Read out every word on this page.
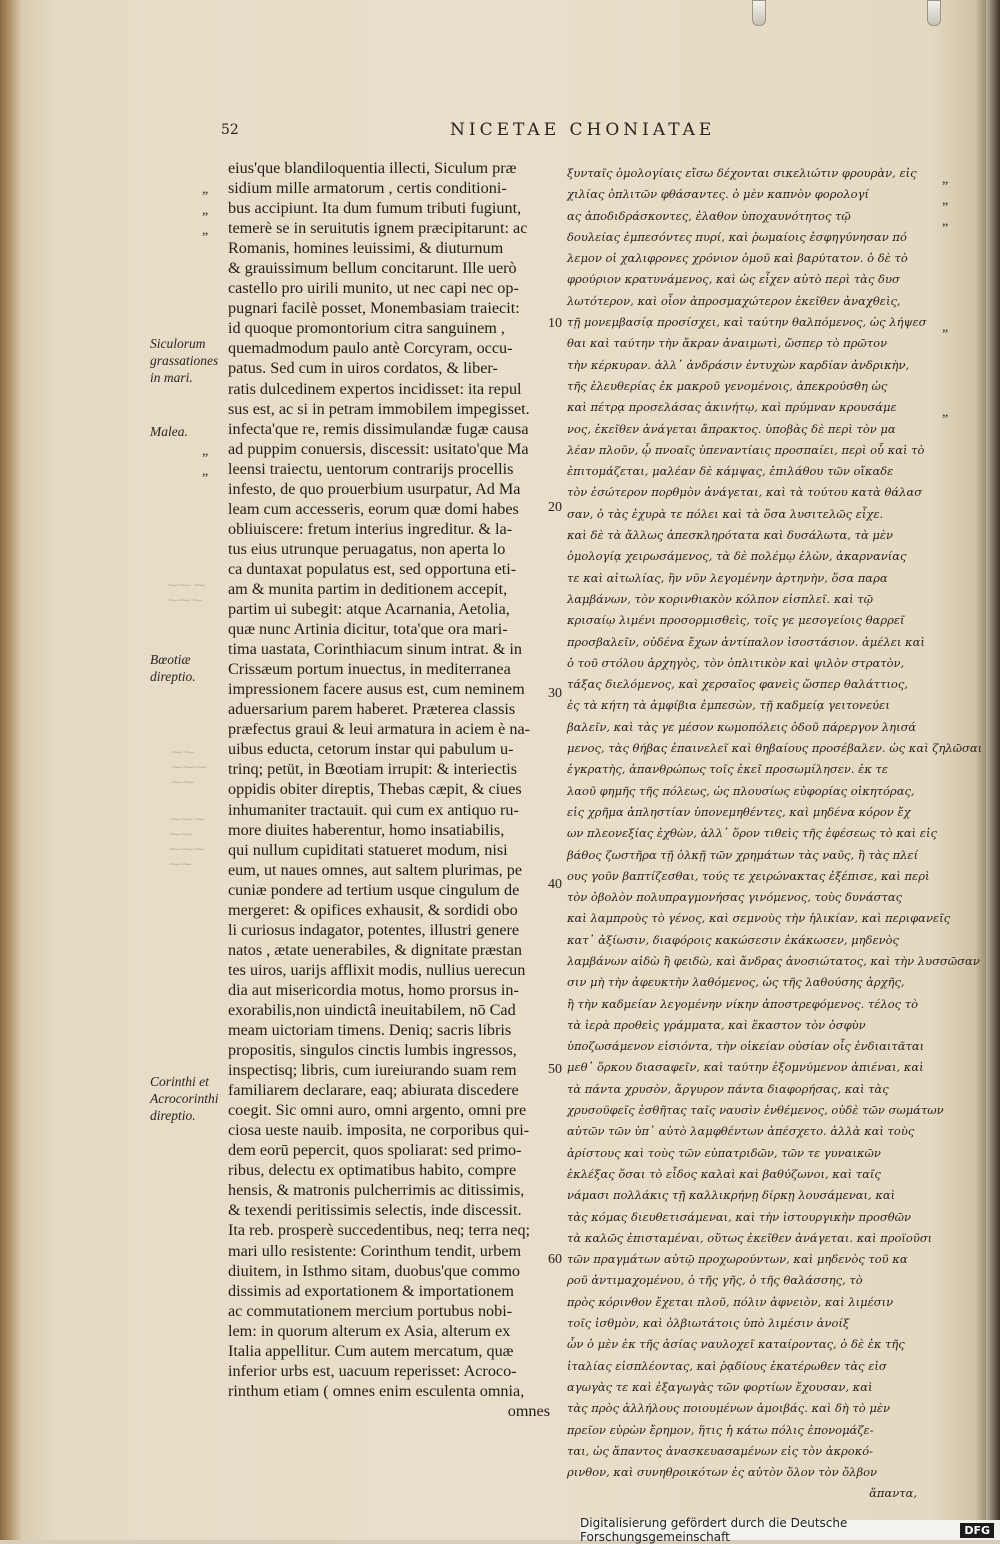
⁓⁓ ⁓
⁓⁓⁓
⁓⁓
⁓⁓⁓
⁓⁓
⁓⁓⁓
⁓⁓
⁓⁓⁓
⁓⁓
52	NICETAE CHONIATAE
eius'que blandiloquentia illecti, Siculum præ
sidium mille armatorum , certis conditioni-
bus accipiunt. Ita dum fumum tributi fugiunt,
temerè se in seruitutis ignem præcipitarunt: ac
Romanis, homines leuissimi, & diuturnum
& grauissimum bellum concitarunt. Ille uerò
castello pro uirili munito, ut nec capi nec op-
pugnari facilè posset, Monembasiam traiecit:
id quoque promontorium citra sanguinem ,
quemadmodum paulo antè Corcyram, occu-
patus. Sed cum in uiros cordatos, & liber-
ratis dulcedinem expertos incidisset: ita repul
sus est, ac si in petram immobilem impegisset.
infecta'que re, remis dissimulandæ fugæ causa
ad puppim conuersis, discessit: usitato'que Ma
leensi traiectu, uentorum contrarijs procellis
infesto, de quo prouerbium usurpatur, Ad Ma
leam cum accesseris, eorum quæ domi habes
obliuiscere: fretum interius ingreditur. & la-
tus eius utrunque peruagatus, non aperta lo
ca duntaxat populatus est, sed opportuna eti-
am & munita partim in deditionem accepit,
partim ui subegit: atque Acarnania, Aetolia,
quæ nunc Artinia dicitur, tota'que ora mari-
tima uastata, Corinthiacum sinum intrat. & in
Crissæum portum inuectus, in mediterranea
impressionem facere ausus est, cum neminem
aduersarium parem haberet. Præterea classis
præfectus graui & leui armatura in aciem è na-
uibus educta, cetorum instar qui pabulum u-
trinq; petüt, in Bœotiam irrupit: & interiectis
oppidis obiter direptis, Thebas cæpit, & ciues
inhumaniter tractauit. qui cum ex antiquo ru-
more diuites haberentur, homo insatiabilis,
qui nullum cupiditati statueret modum, nisi
eum, ut naues omnes, aut saltem plurimas, pe
cuniæ pondere ad tertium usque cingulum de
mergeret: & opifices exhausit, & sordidi obo
li curiosus indagator, potentes, illustri genere
natos , ætate uenerabiles, & dignitate præstan
tes uiros, uarijs afflixit modis, nullius uerecun
dia aut misericordia motus, homo prorsus in-
exorabilis,non uindictâ ineuitabilem, nō Cad
meam uictoriam timens. Deniq; sacris libris
propositis, singulos cinctis lumbis ingressos,
inspectisq; libris, cum iureiurando suam rem
familiarem declarare, eaq; abiurata discedere
coegit. Sic omni auro, omni argento, omni pre
ciosa ueste nauib. imposita, ne corporibus qui-
dem eorū pepercit, quos spoliarat: sed primo-
ribus, delectu ex optimatibus habito, compre
hensis, & matronis pulcherrimis ac ditissimis,
& texendi peritissimis selectis, inde discessit.
Ita reb. prosperè succedentibus, neq; terra neq;
mari ullo resistente: Corinthum tendit, urbem
diuitem, in Isthmo sitam, duobus'que commo
dissimis ad exportationem & importationem
ac commutationem mercium portubus nobi-
lem: in quorum alterum ex Asia, alterum ex
Italia appellitur. Cum autem mercatum, quæ
inferior urbs est, uacuum reperisset: Acroco-
rinthum etiam ( omnes enim esculenta omnia,
omnes
ξυνταῖς ὁμολογίαις εἴσω δέχονται σικελιώτιν φρουρὰν, εἰς
χιλίας ὁπλιτῶν φθάσαντες. ὁ μὲν καπνὸν φορολογί
ας ἀποδιδράσκοντες, ἐλαθον ὑποχαυνότητος τῷ
δουλείας ἐμπεσόντες πυρί, καὶ ῥωμαίοις ἐσφηγύνησαν πό
λεμον οἱ χαλιφρονες χρόνιον ὁμοῦ καὶ βαρύτατον. ὁ δὲ τὸ
φρούριον κρατυνάμενος, καὶ ὡς εἶχεν αὐτὸ περὶ τὰς δυσ
λωτότερον, καὶ οἷον ἀπροσμαχώτερον ἐκεῖθεν ἀναχθεὶς,
τῇ μονεμβασίᾳ προσίσχει, καὶ ταύτην θαλπόμενος, ὡς λήψεσ
θαι καὶ ταύτην τὴν ἄκραν ἀναιμωτὶ, ὥσπερ τὸ πρῶτον
τὴν κέρκυραν. ἀλλ᾽ ἀνδράσιν ἐντυχὼν καρδίαν ἀνδρικὴν,
τῆς ἐλευθερίας ἐκ μακροῦ γενομένοις, ἀπεκρούσθη ὡς
καὶ πέτρᾳ προσελάσας ἀκινήτῳ, καὶ πρύμναν κρουσάμε
νος, ἐκεῖθεν ἀνάγεται ἄπρακτος. ὑποβὰς δὲ περὶ τὸν μα
λέαν πλοῦν, ᾧ πνοαῖς ὑπεναντίαις προσπαίει, περὶ οὗ καὶ τὸ
ἐπιτομάζεται, μαλέαν δὲ κάμψας, ἐπιλάθου τῶν οἴκαδε
τὸν ἐσώτερον πορθμὸν ἀνάγεται, καὶ τὰ τούτου κατὰ θάλασ
σαν, ὁ τὰς ἐχυρὰ τε πόλει καὶ τὰ ὅσα λυσιτελῶς εἶχε.
καὶ δὲ τὰ ἄλλως ἀπεσκληρότατα καὶ δυσάλωτα, τὰ μὲν
ὁμολογίᾳ χειρωσάμενος, τὰ δὲ πολέμῳ ἑλὼν, ἀκαρνανίας
τε καὶ αἰτωλίας, ἣν νῦν λεγομένην ἀρτηνὴν, ὅσα παρα
λαμβάνων, τὸν κορινθιακὸν κόλπον εἰσπλεῖ. καὶ τῷ
κρισαίῳ λιμένι προσορμισθεὶς, τοῖς γε μεσογείοις θαρρεῖ
προσβαλεῖν, οὐδένα ἔχων ἀντίπαλον ἰσοστάσιον. ἀμέλει καὶ
ὁ τοῦ στόλου ἀρχηγὸς, τὸν ὁπλιτικὸν καὶ ψιλὸν στρατὸν,
τάξας διελόμενος, καὶ χερσαῖος φανεὶς ὥσπερ θαλάττιος,
ἐς τὰ κήτη τὰ ἀμφίβια ἐμπεσὼν, τῇ καδμείᾳ γειτονεύει
βαλεῖν, καὶ τὰς γε μέσον κωμοπόλεις ὁδοῦ πάρεργον ληισά
μενος, τὰς θήβας ἐπαινελεῖ καὶ θηβαίους προσέβαλεν. ὡς καὶ ζηλῶσαι
ἐγκρατὴς, ἀπανθρώπως τοῖς ἐκεῖ προσωμίλησεν. ἐκ τε
λαοῦ φημῆς τῆς πόλεως, ὡς πλουσίως εὐφορίας οἰκητόρας,
εἰς χρῆμα ἀπληστίαν ὑπονεμηθέντες, καὶ μηδένα κόρον ἔχ
ων πλεονεξίας ἐχθὼν, ἀλλ᾽ ὅρον τιθεὶς τῆς ἐφέσεως τὸ καὶ εἰς
βάθος ζωστῆρα τῇ ὁλκῇ τῶν χρημάτων τὰς ναῦς, ἢ τὰς πλεί
ους γοῦν βαπτίζεσθαι, τούς τε χειρώνακτας ἐξέπισε, καὶ περὶ
τὸν ὀβολὸν πολυπραγμονήσας γινόμενος, τοὺς δυνάστας
καὶ λαμπροὺς τὸ γένος, καὶ σεμνοὺς τὴν ἡλικίαν, καὶ περιφανεῖς
κατ᾽ ἀξίωσιν, διαφόροις κακώσεσιν ἐκάκωσεν, μηδενὸς
λαμβάνων αἰδὼ ἢ φειδὼ, καὶ ἄνδρας ἀνοσιώτατος, καὶ τὴν λυσσῶσαν
σιν μὴ τὴν ἀφευκτὴν λαθόμενος, ὡς τῆς λαθούσης ἀρχῆς,
ἢ τὴν καδμείαν λεγομένην νίκην ἀποστρεφόμενος. τέλος τὸ
τὰ ἱερὰ προθεὶς γράμματα, καὶ ἕκαστον τὸν ὀσφὺν
ὑποζωσάμενον εἰσιόντα, τὴν οἰκείαν οὐσίαν οἷς ἐνδιαιτᾶται
μεθ᾽ ὅρκου διασαφεῖν, καὶ ταύτην ἐξομνύμενον ἀπιέναι, καὶ
τὰ πάντα χρυσὸν, ἄργυρον πάντα διαφορήσας, καὶ τὰς
χρυσοϋφεῖς ἐσθῆτας ταῖς ναυσὶν ἐνθέμενος, οὐδὲ τῶν σωμάτων
αὐτῶν τῶν ὑπ᾽ αὐτὸ λαμφθέντων ἀπέσχετο. ἀλλὰ καὶ τοὺς
ἀρίστους καὶ τοὺς τῶν εὐπατριδῶν, τῶν τε γυναικῶν
ἐκλέξας ὅσαι τὸ εἶδος καλαὶ καὶ βαθύζωνοι, καὶ ταῖς
νάμασι πολλάκις τῇ καλλικρήνῃ δίρκῃ λουσάμεναι, καὶ
τὰς κόμας διευθετισάμεναι, καὶ τὴν ἱστουργικὴν προσθῶν
τὰ καλῶς ἐπισταμέναι, οὕτως ἐκεῖθεν ἀνάγεται. καὶ προϊοῦσι
τῶν πραγμάτων αὐτῷ προχωρούντων, καὶ μηδενὸς τοῦ κα
ροῦ ἀντιμαχομένου, ὁ τῆς γῆς, ὁ τῆς θαλάσσης, τὸ
πρὸς κόρινθον ἔχεται πλοῦ, πόλιν ἀφνειὸν, καὶ λιμέσιν
τοῖς ἰσθμὸν, καὶ ὀλβιωτάτοις ὑπὸ λιμέσιν ἀνοίξ
ὧν ὁ μὲν ἐκ τῆς ἀσίας ναυλοχεῖ καταίροντας, ὁ δὲ ἐκ τῆς
ἰταλίας εἰσπλέοντας, καὶ ῥᾳδίους ἑκατέρωθεν τὰς εἰσ
αγωγὰς τε καὶ ἐξαγωγὰς τῶν φορτίων ἔχουσαν, καὶ
τὰς πρὸς ἀλλήλους ποιουμένων ἀμοιβάς. καὶ δὴ τὸ μὲν
πρεῖον εὑρὼν ἔρημον, ἥτις ἡ κάτω πόλις ἐπονομάζε-
ται, ὡς ἅπαντος ἀνασκευασαμένων εἰς τὸν ἀκροκό-
ρινθον, καὶ συνηθροικότων ἐς αὐτὸν ὅλον τὸν ὄλβον
ἅπαντα,
Siculorum grassationes in mari.
Malea.
Bœotiæ direptio.
Corinthi et Acrocorinthi direptio.
„
„
„
„
„
„
„
„
„
„
10
20
30
40
50
60
Digitalisierung gefördert durch die Deutsche Forschungsgemeinschaft	DFG
